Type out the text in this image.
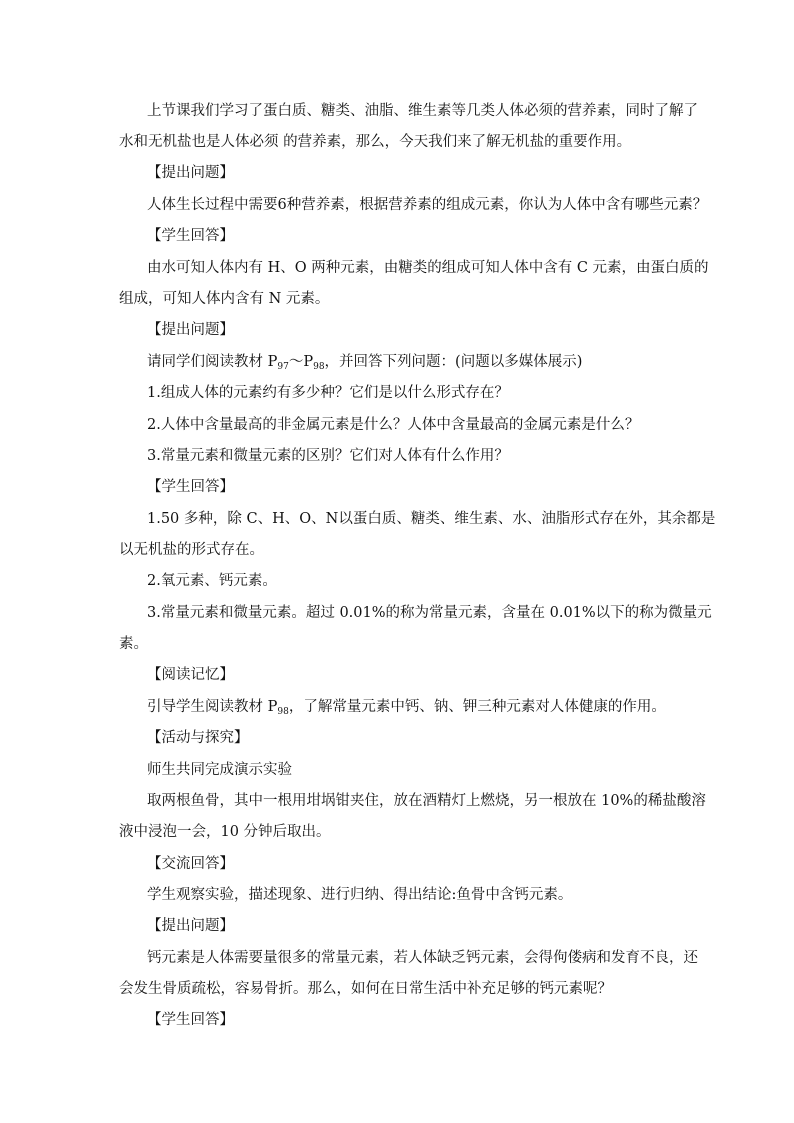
上节课我们学习了蛋白质、糖类、油脂、维生素等几类人体必须的营养素，同时了解了
水和无机盐也是人体必须 的营养素，那么，今天我们来了解无机盐的重要作用。
【提出问题】
人体生长过程中需要6种营养素，根据营养素的组成元素，你认为人体中含有哪些元素？
【学生回答】
由水可知人体内有 H、O 两种元素，由糖类的组成可知人体中含有 C 元素，由蛋白质的
组成，可知人体内含有 N 元素。
【提出问题】
请同学们阅读教材 $P_{97}\sim P_{98}$，并回答下列问题：(问题以多媒体展示)
1.组成人体的元素约有多少种？它们是以什么形式存在？
2.人体中含量最高的非金属元素是什么？人体中含量最高的金属元素是什么？
3.常量元素和微量元素的区别？它们对人体有什么作用？
【学生回答】
1.50 多种，除 C、H、O、N以蛋白质、糖类、维生素、水、油脂形式存在外，其余都是
以无机盐的形式存在。
2.氧元素、钙元素。
3.常量元素和微量元素。超过 0.01%的称为常量元素，含量在 0.01%以下的称为微量元
素。
【阅读记忆】
引导学生阅读教材 $P_{98}$，了解常量元素中钙、钠、钾三种元素对人体健康的作用。
【活动与探究】
师生共同完成演示实验
取两根鱼骨，其中一根用坩埚钳夹住，放在酒精灯上燃烧，另一根放在 10%的稀盐酸溶
液中浸泡一会，10 分钟后取出。
【交流回答】
学生观察实验，描述现象、进行归纳、得出结论:鱼骨中含钙元素。
【提出问题】
钙元素是人体需要量很多的常量元素，若人体缺乏钙元素，会得佝偻病和发育不良，还
会发生骨质疏松，容易骨折。那么，如何在日常生活中补充足够的钙元素呢？
【学生回答】
